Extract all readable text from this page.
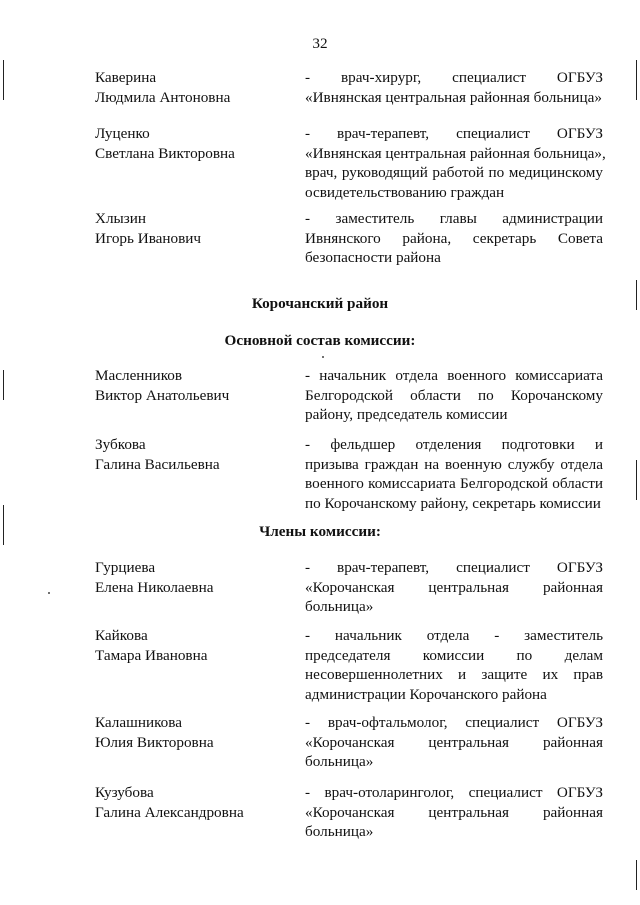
32
Каверина
Людмила Антоновна
- врач-хирург, специалист ОГБУЗ
«Ивнянская центральная районная больница»
Луценко
Светлана Викторовна
- врач-терапевт, специалист ОГБУЗ
«Ивнянская центральная районная больница»,
врач, руководящий работой по медицинскому
освидетельствованию граждан
Хлызин
Игорь Иванович
- заместитель главы администрации
Ивнянского района, секретарь Совета
безопасности района
Корочанский район
Основной состав комиссии:
Масленников
Виктор Анатольевич
- начальник отдела военного комиссариата
Белгородской области по Корочанскому
району, председатель комиссии
Зубкова
Галина Васильевна
- фельдшер отделения подготовки и
призыва граждан на военную службу отдела
военного комиссариата Белгородской области
по Корочанскому району, секретарь комиссии
Члены комиссии:
Гурциева
Елена Николаевна
- врач-терапевт, специалист ОГБУЗ
«Корочанская центральная районная
больница»
Кайкова
Тамара Ивановна
- начальник отдела - заместитель
председателя комиссии по делам
несовершеннолетних и защите их прав
администрации Корочанского района
Калашникова
Юлия Викторовна
- врач-офтальмолог, специалист ОГБУЗ
«Корочанская центральная районная
больница»
Кузубова
Галина Александровна
- врач-отоларинголог, специалист ОГБУЗ
«Корочанская центральная районная
больница»
